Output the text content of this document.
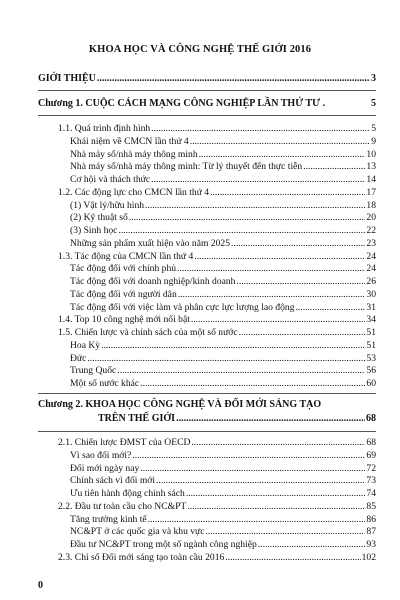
KHOA HỌC VÀ CÔNG NGHỆ THẾ GIỚI 2016
GIỚI THIỆU .....	3
Chương 1. CUỘC CÁCH MẠNG CÔNG NGHIỆP LẦN THỨ TƯ .	5
1.1. Quá trình định hình .....	5
Khái niệm về CMCN lần thứ 4 .....	9
Nhà máy số/nhà máy thông minh .....	10
Nhà máy số/nhà máy thông minh: Từ lý thuyết đến thực tiễn .....	13
Cơ hội và thách thức .....	14
1.2. Các động lực cho CMCN lần thứ 4 .....	17
(1) Vật lý/hữu hình .....	18
(2) Kỹ thuật số .....	20
(3) Sinh học .....	22
Những sản phẩm xuất hiện vào năm 2025 .....	23
1.3. Tác động của CMCN lần thứ 4 .....	24
Tác động đối với chính phủ .....	24
Tác động đối với doanh nghiệp/kinh doanh .....	26
Tác động đối với người dân .....	30
Tác động đối với việc làm và phân cực lực lượng lao động .....	31
1.4. Top 10 công nghệ mới nổi bật .....	34
1.5. Chiến lược và chính sách của một số nước .....	51
Hoa Kỳ .....	51
Đức .....	53
Trung Quốc .....	56
Một số nước khác .....	60
Chương 2. KHOA HỌC CÔNG NGHỆ VÀ ĐỔI MỚI SÁNG TẠO
TRÊN THẾ GIỚI .....	68
2.1. Chiến lược ĐMST của OECD .....	68
Vì sao đổi mới? .....	69
Đổi mới ngày nay .....	72
Chính sách vì đổi mới .....	73
Ưu tiên hành động chính sách .....	74
2.2. Đầu tư toàn cầu cho NC&PT .....	85
Tăng trưởng kinh tế .....	86
NC&PT ở các quốc gia và khu vực .....	87
Đầu tư NC&PT trong một số ngành công nghiệp .....	93
2.3. Chỉ số Đổi mới sáng tạo toàn cầu 2016 .....	102
0
